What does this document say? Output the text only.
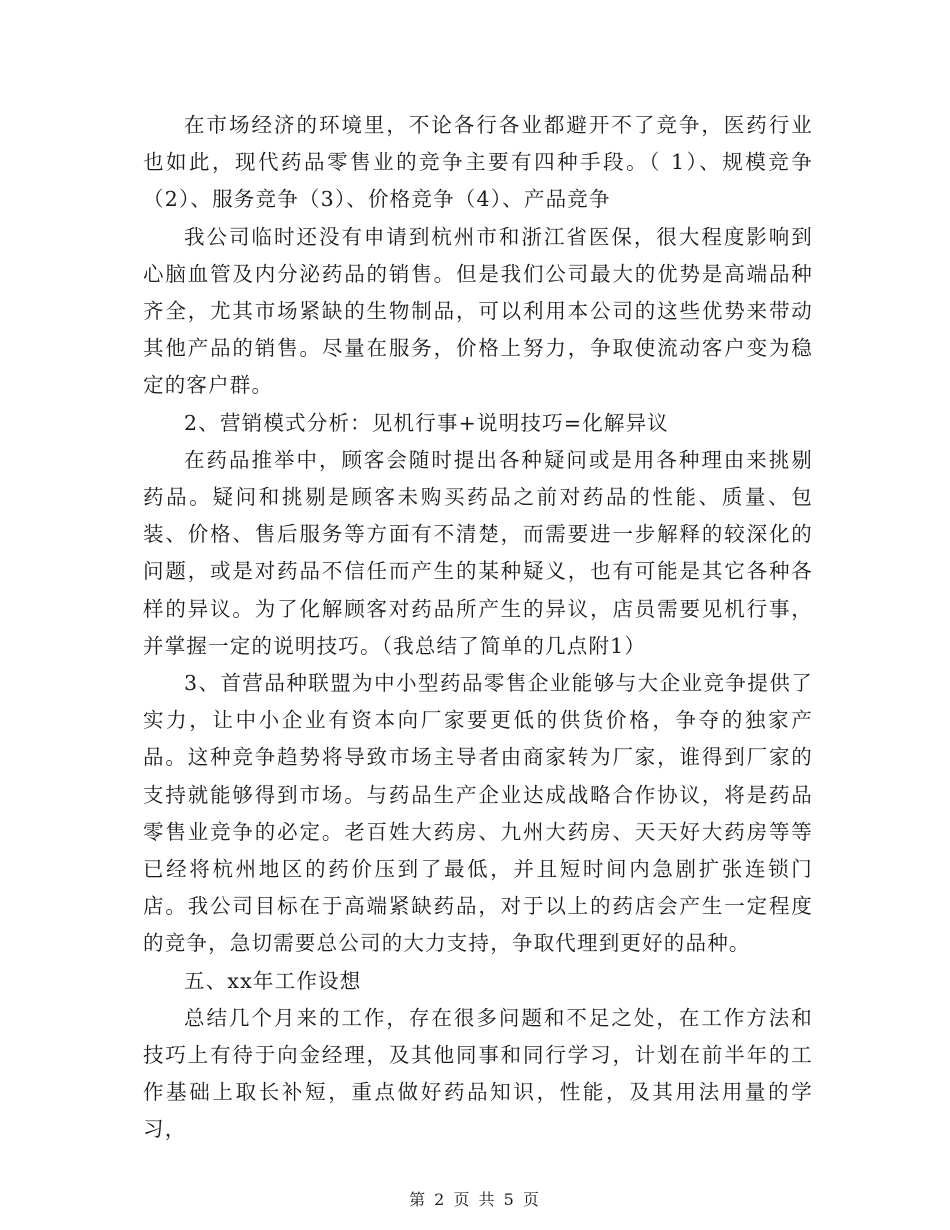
在市场经济的环境里，不论各行各业都避开不了竞争，医药行业也如此，现代药品零售业的竞争主要有四种手段。（ 1）、规模竞争（2）、服务竞争（3）、价格竞争（4）、产品竞争

我公司临时还没有申请到杭州市和浙江省医保，很大程度影响到心脑血管及内分泌药品的销售。但是我们公司最大的优势是高端品种齐全，尤其市场紧缺的生物制品，可以利用本公司的这些优势来带动其他产品的销售。尽量在服务，价格上努力，争取使流动客户变为稳定的客户群。

2、营销模式分析：见机行事+说明技巧=化解异议

在药品推举中，顾客会随时提出各种疑问或是用各种理由来挑剔药品。疑问和挑剔是顾客未购买药品之前对药品的性能、质量、包装、价格、售后服务等方面有不清楚，而需要进一步解释的较深化的问题，或是对药品不信任而产生的某种疑义，也有可能是其它各种各样的异议。为了化解顾客对药品所产生的异议，店员需要见机行事，并掌握一定的说明技巧。（我总结了简单的几点附1）

3、首营品种联盟为中小型药品零售企业能够与大企业竞争提供了实力，让中小企业有资本向厂家要更低的供货价格，争夺的独家产品。这种竞争趋势将导致市场主导者由商家转为厂家，谁得到厂家的支持就能够得到市场。与药品生产企业达成战略合作协议，将是药品零售业竞争的必定。老百姓大药房、九州大药房、天天好大药房等等已经将杭州地区的药价压到了最低，并且短时间内急剧扩张连锁门店。我公司目标在于高端紧缺药品，对于以上的药店会产生一定程度的竞争，急切需要总公司的大力支持，争取代理到更好的品种。

五、xx年工作设想

总结几个月来的工作，存在很多问题和不足之处，在工作方法和技巧上有待于向金经理，及其他同事和同行学习，计划在前半年的工作基础上取长补短，重点做好药品知识，性能，及其用法用量的学习，

第 2 页 共 5 页
